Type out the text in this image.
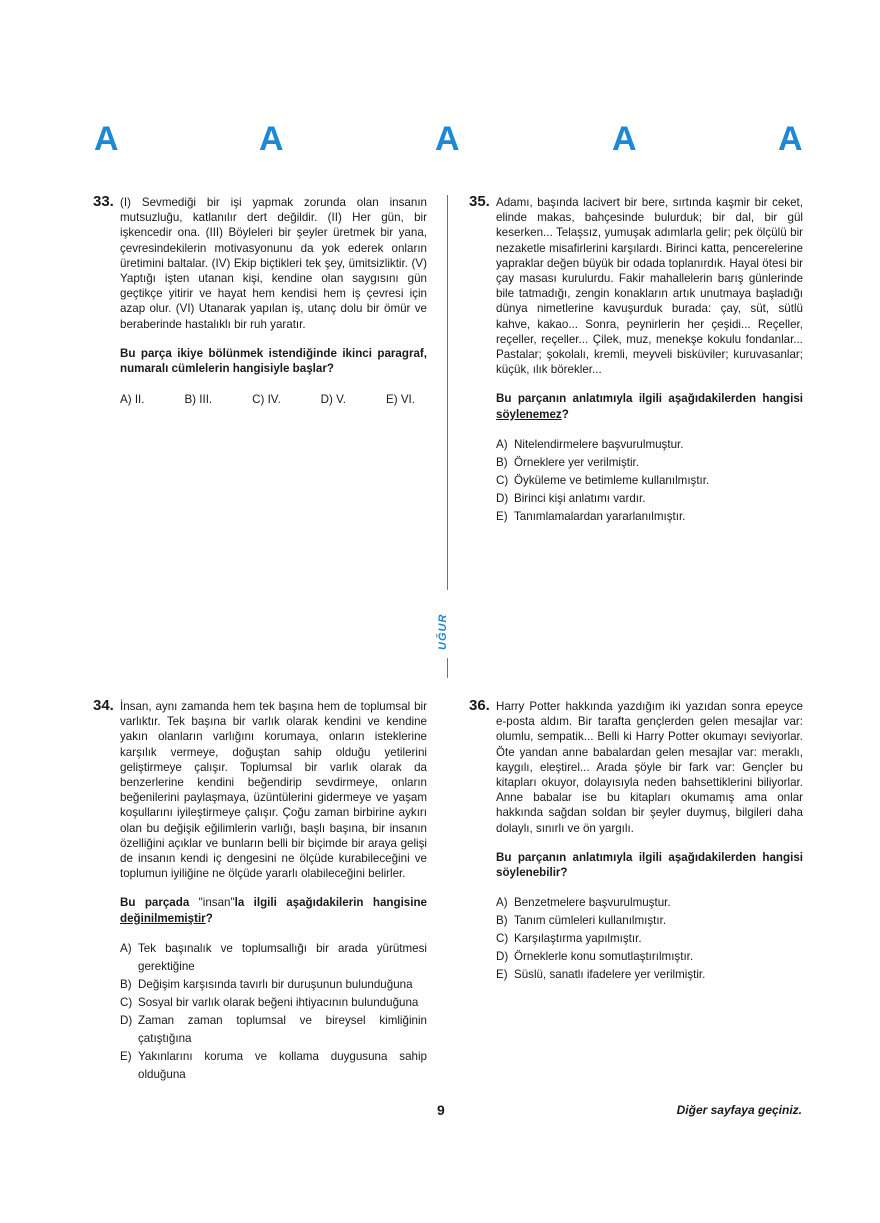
A	A	A	A	A
UĞUR
33. (I) Sevmediği bir işi yapmak zorunda olan insanın mutsuzluğu, katlanılır dert değildir. (II) Her gün, bir işkencedir ona. (III) Böyleleri bir şeyler üretmek bir yana, çevresindekilerin motivasyonunu da yok ederek onların üretimini baltalar. (IV) Ekip biçtikleri tek şey, ümitsizliktir. (V) Yaptığı işten utanan kişi, kendine olan saygısını gün geçtikçe yitirir ve hayat hem kendisi hem iş çevresi için azap olur. (VI) Utanarak yapılan iş, utanç dolu bir ömür ve beraberinde hastalıklı bir ruh yaratır.

Bu parça ikiye bölünmek istendiğinde ikinci paragraf, numaralı cümlelerin hangisiyle başlar?

A) II.	B) III.	C) IV.	D) V.	E) VI.
35. Adamı, başında lacivert bir bere, sırtında kaşmir bir ceket, elinde makas, bahçesinde bulurduk; bir dal, bir gül keserken... Telaşsız, yumuşak adımlarla gelir; pek ölçülü bir nezaketle misafirlerini karşılardı. Birinci katta, pencerelerine yapraklar değen büyük bir odada toplanırdık. Hayal ötesi bir çay masası kurulurdu. Fakir mahallelerin barış günlerinde bile tatmadığı, zengin konakların artık unutmaya başladığı dünya nimetlerine kavuşurduk burada: çay, süt, sütlü kahve, kakao... Sonra, peynirlerin her çeşidi... Reçeller, reçeller, reçeller... Çilek, muz, menekşe kokulu fondanlar... Pastalar; şokolalı, kremli, meyveli bisküviler; kuruvasanlar; küçük, ılık börekler...

Bu parçanın anlatımıyla ilgili aşağıdakilerden hangisi söylenemez?

A) Nitelendirmelere başvurulmuştur.
B) Örneklere yer verilmiştir.
C) Öyküleme ve betimleme kullanılmıştır.
D) Birinci kişi anlatımı vardır.
E) Tanımlamalardan yararlanılmıştır.
34. İnsan, aynı zamanda hem tek başına hem de toplumsal bir varlıktır. Tek başına bir varlık olarak kendini ve kendine yakın olanların varlığını korumaya, onların isteklerine karşılık vermeye, doğuştan sahip olduğu yetilerini geliştirmeye çalışır. Toplumsal bir varlık olarak da benzerlerine kendini beğendirip sevdirmeye, onların beğenilerini paylaşmaya, üzüntülerini gidermeye ve yaşam koşullarını iyileştirmeye çalışır. Çoğu zaman birbirine aykırı olan bu değişik eğilimlerin varlığı, başlı başına, bir insanın özelliğini açıklar ve bunların belli bir biçimde bir araya gelişi de insanın kendi iç dengesini ne ölçüde kurabileceğini ve toplumun iyiliğine ne ölçüde yararlı olabileceğini belirler.

Bu parçada "insan"la ilgili aşağıdakilerin hangisine değinilmemiştir?

A) Tek başınalık ve toplumsallığı bir arada yürütmesi gerektiğine
B) Değişim karşısında tavırlı bir duruşunun bulunduğuna
C) Sosyal bir varlık olarak beğeni ihtiyacının bulunduğuna
D) Zaman zaman toplumsal ve bireysel kimliğinin çatıştığına
E) Yakınlarını koruma ve kollama duygusuna sahip olduğuna
36. Harry Potter hakkında yazdığım iki yazıdan sonra epeyce e-posta aldım. Bir tarafta gençlerden gelen mesajlar var: olumlu, sempatik... Belli ki Harry Potter okumayı seviyorlar. Öte yandan anne babalardan gelen mesajlar var: meraklı, kaygılı, eleştirel... Arada şöyle bir fark var: Gençler bu kitapları okuyor, dolayısıyla neden bahsettiklerini biliyorlar. Anne babalar ise bu kitapları okumamış ama onlar hakkında sağdan soldan bir şeyler duymuş, bilgileri daha dolaylı, sınırlı ve ön yargılı.

Bu parçanın anlatımıyla ilgili aşağıdakilerden hangisi söylenebilir?

A) Benzetmelere başvurulmuştur.
B) Tanım cümleleri kullanılmıştır.
C) Karşılaştırma yapılmıştır.
D) Örneklerle konu somutlaştırılmıştır.
E) Süslü, sanatlı ifadelere yer verilmiştir.
9	Diğer sayfaya geçiniz.
